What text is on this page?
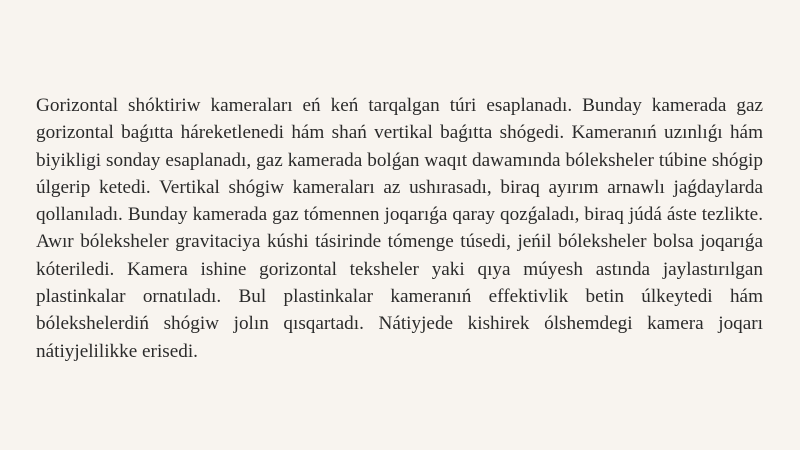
Gorizontal shóktiriw kameraları eń keń tarqalgan túri esaplanadı. Bunday kamerada gaz gorizontal baǵıtta háreketlenedi hám shań vertikal baǵıtta shógedi. Kameranıń uzınlıǵı hám biyikligi sonday esaplanadı, gaz kamerada bolǵan waqıt dawamında bóleksheler túbine shógip úlgerip ketedi. Vertikal shógiw kameraları az ushırasadı, biraq ayırım arnawlı jaǵdaylarda qollanıladı. Bunday kamerada gaz tómennen joqarıǵa qaray qozǵaladı, biraq júdá áste tezlikte. Awır bóleksheler gravitaciya kúshi tásirinde tómenge túsedi, jeńil bóleksheler bolsa joqarıǵa kóteriledi. Kamera ishine gorizontal teksheler yaki qıya múyesh astında jaylastırılgan plastinkalar ornatıladı. Bul plastinkalar kameranıń effektivlik betin úlkeytedi hám bólekshelerdiń shógiw jolın qısqartadı. Nátiyjede kishirek ólshemdegi kamera joqarı nátiyjelilikke erisedi.
